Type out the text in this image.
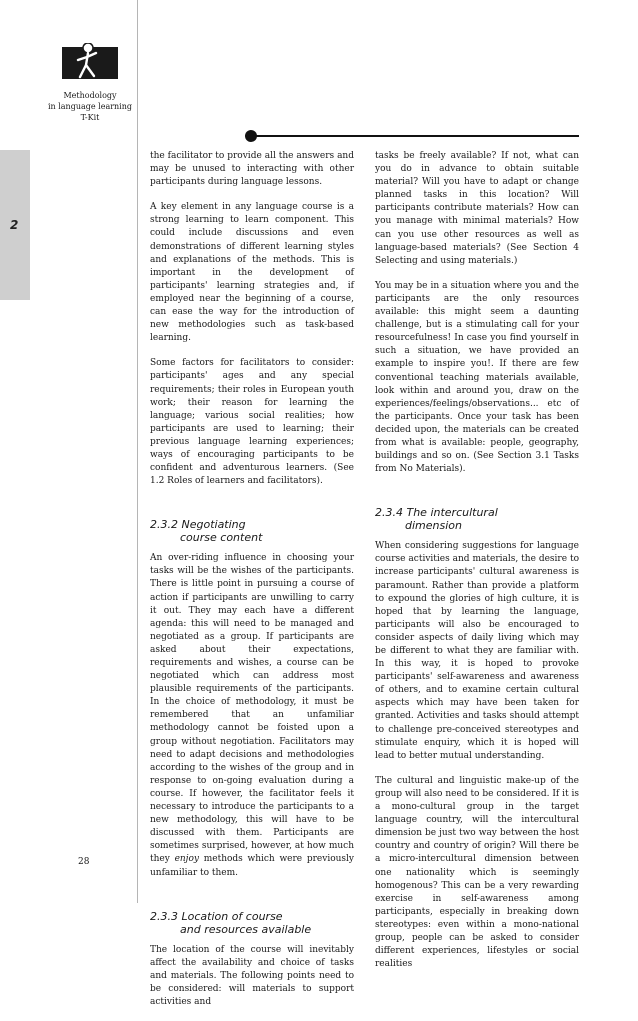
Methodology
in language learning
T-Kit
2

the facilitator to provide all the answers and may be unused to interacting with other participants during language lessons.

A key element in any language course is a strong learning to learn component. This could include discussions and even demonstrations of different learning styles and explanations of the methods. This is important in the development of participants' learning strategies and, if employed near the beginning of a course, can ease the way for the introduction of new methodologies such as task-based learning.

Some factors for facilitators to consider: participants' ages and any special requirements; their roles in European youth work; their reason for learning the language; various social realities; how participants are used to learning; their previous language learning experiences; ways of encouraging participants to be confident and adventurous learners. (See 1.2 Roles of learners and facilitators).

2.3.2 Negotiating
course content

An over-riding influence in choosing your tasks will be the wishes of the participants. There is little point in pursuing a course of action if participants are unwilling to carry it out. They may each have a different agenda: this will need to be managed and negotiated as a group. If participants are asked about their expectations, requirements and wishes, a course can be negotiated which can address most plausible requirements of the participants. In the choice of methodology, it must be remembered that an unfamiliar methodology cannot be foisted upon a group without negotiation. Facilitators may need to adapt decisions and methodologies according to the wishes of the group and in response to on-going evaluation during a course. If however, the facilitator feels it necessary to introduce the participants to a new methodology, this will have to be discussed with them. Participants are sometimes surprised, however, at how much they enjoy methods which were previously unfamiliar to them.

2.3.3 Location of course
and resources available

The location of the course will inevitably affect the availability and choice of tasks and materials. The following points need to be considered: will materials to support activities and

tasks be freely available? If not, what can you do in advance to obtain suitable material? Will you have to adapt or change planned tasks in this location? Will participants contribute materials? How can you manage with minimal materials? How can you use other resources as well as language-based materials? (See Section 4 Selecting and using materials.)

You may be in a situation where you and the participants are the only resources available: this might seem a daunting challenge, but is a stimulating call for your resourcefulness! In case you find yourself in such a situation, we have provided an example to inspire you!. If there are few conventional teaching materials available, look within and around you, draw on the experiences/feelings/observations... etc of the participants. Once your task has been decided upon, the materials can be created from what is available: people, geography, buildings and so on. (See Section 3.1 Tasks from No Materials).

2.3.4 The intercultural
dimension

When considering suggestions for language course activities and materials, the desire to increase participants' cultural awareness is paramount. Rather than provide a platform to expound the glories of high culture, it is hoped that by learning the language, participants will also be encouraged to consider aspects of daily living which may be different to what they are familiar with. In this way, it is hoped to provoke participants' self-awareness and awareness of others, and to examine certain cultural aspects which may have been taken for granted. Activities and tasks should attempt to challenge pre-conceived stereotypes and stimulate enquiry, which it is hoped will lead to better mutual understanding.

The cultural and linguistic make-up of the group will also need to be considered. If it is a mono-cultural group in the target language country, will the intercultural dimension be just two way between the host country and country of origin? Will there be a micro-intercultural dimension between one nationality which is seemingly homogenous? This can be a very rewarding exercise in self-awareness among participants, especially in breaking down stereotypes: even within a mono-national group, people can be asked to consider different experiences, lifestyles or social realities

28
